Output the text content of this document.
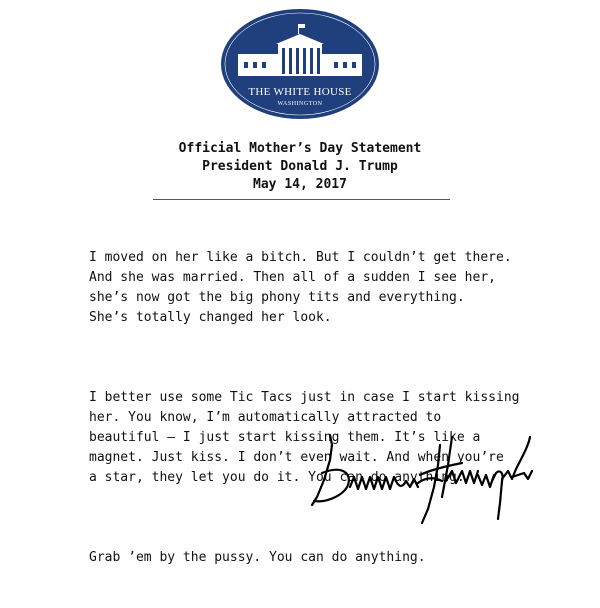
THE WHITE HOUSE
WASHINGTON
Official Mother’s Day Statement
President Donald J. Trump
May 14, 2017

I moved on her like a bitch. But I couldn’t get there.
And she was married. Then all of a sudden I see her,
she’s now got the big phony tits and everything.
She’s totally changed her look.

I better use some Tic Tacs just in case I start kissing
her. You know, I’m automatically attracted to
beautiful — I just start kissing them. It’s like a
magnet. Just kiss. I don’t even wait. And when you’re
a star, they let you do it. You can do anything.

Grab ’em by the pussy. You can do anything.
